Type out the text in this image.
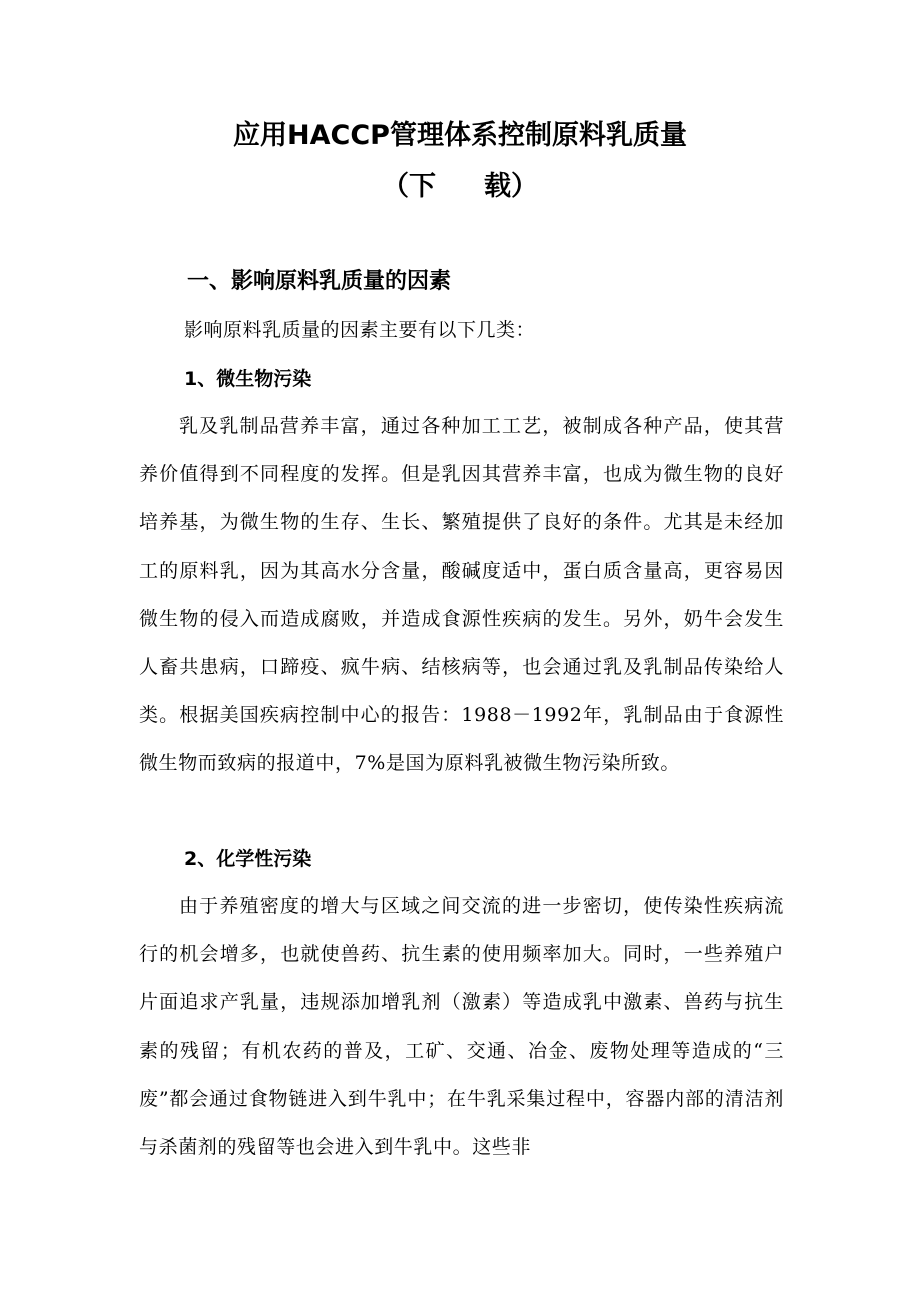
应用HACCP管理体系控制原料乳质量
（下 载）
一、影响原料乳质量的因素

影响原料乳质量的因素主要有以下几类：

1、微生物污染

乳及乳制品营养丰富，通过各种加工工艺，被制成各种产品，使其营养价值得到不同程度的发挥。但是乳因其营养丰富，也成为微生物的良好培养基，为微生物的生存、生长、繁殖提供了良好的条件。尤其是未经加工的原料乳，因为其高水分含量，酸碱度适中，蛋白质含量高，更容易因微生物的侵入而造成腐败，并造成食源性疾病的发生。另外，奶牛会发生人畜共患病，口蹄疫、疯牛病、结核病等，也会通过乳及乳制品传染给人类。根据美国疾病控制中心的报告：1988－1992年，乳制品由于食源性微生物而致病的报道中，7%是国为原料乳被微生物污染所致。

2、化学性污染

由于养殖密度的增大与区域之间交流的进一步密切，使传染性疾病流行的机会增多，也就使兽药、抗生素的使用频率加大。同时，一些养殖户片面追求产乳量，违规添加增乳剂（激素）等造成乳中激素、兽药与抗生素的残留；有机农药的普及，工矿、交通、冶金、废物处理等造成的“三废”都会通过食物链进入到牛乳中；在牛乳采集过程中，容器内部的清洁剂与杀菌剂的残留等也会进入到牛乳中。这些非
